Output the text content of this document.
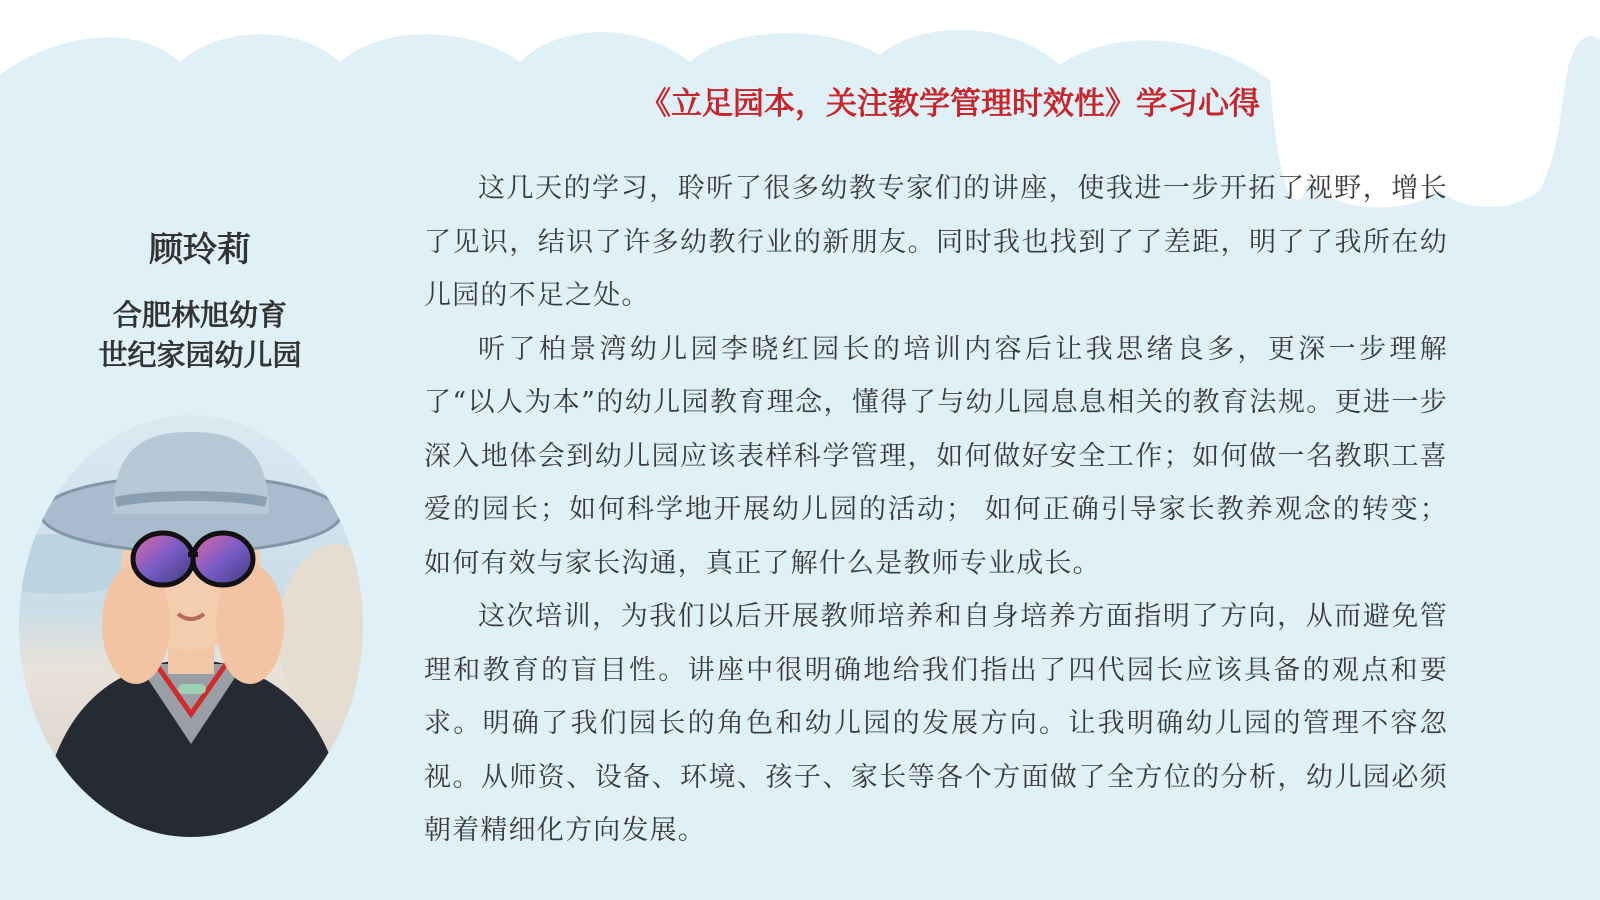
《立足园本，关注教学管理时效性》学习心得
顾玲莉
合肥林旭幼育
世纪家园幼儿园

这几天的学习，聆听了很多幼教专家们的讲座，使我进一步开拓了视野，增长了见识，结识了许多幼教行业的新朋友。同时我也找到了了差距，明了了我所在幼儿园的不足之处。

听了柏景湾幼儿园李晓红园长的培训内容后让我思绪良多，更深一步理解了“以人为本”的幼儿园教育理念，懂得了与幼儿园息息相关的教育法规。更进一步深入地体会到幼儿园应该表样科学管理，如何做好安全工作；如何做一名教职工喜爱的园长；如何科学地开展幼儿园的活动； 如何正确引导家长教养观念的转变；如何有效与家长沟通，真正了解什么是教师专业成长。

这次培训，为我们以后开展教师培养和自身培养方面指明了方向，从而避免管理和教育的盲目性。讲座中很明确地给我们指出了四代园长应该具备的观点和要求。明确了我们园长的角色和幼儿园的发展方向。让我明确幼儿园的管理不容忽视。从师资、设备、环境、孩子、家长等各个方面做了全方位的分析，幼儿园必须朝着精细化方向发展。
